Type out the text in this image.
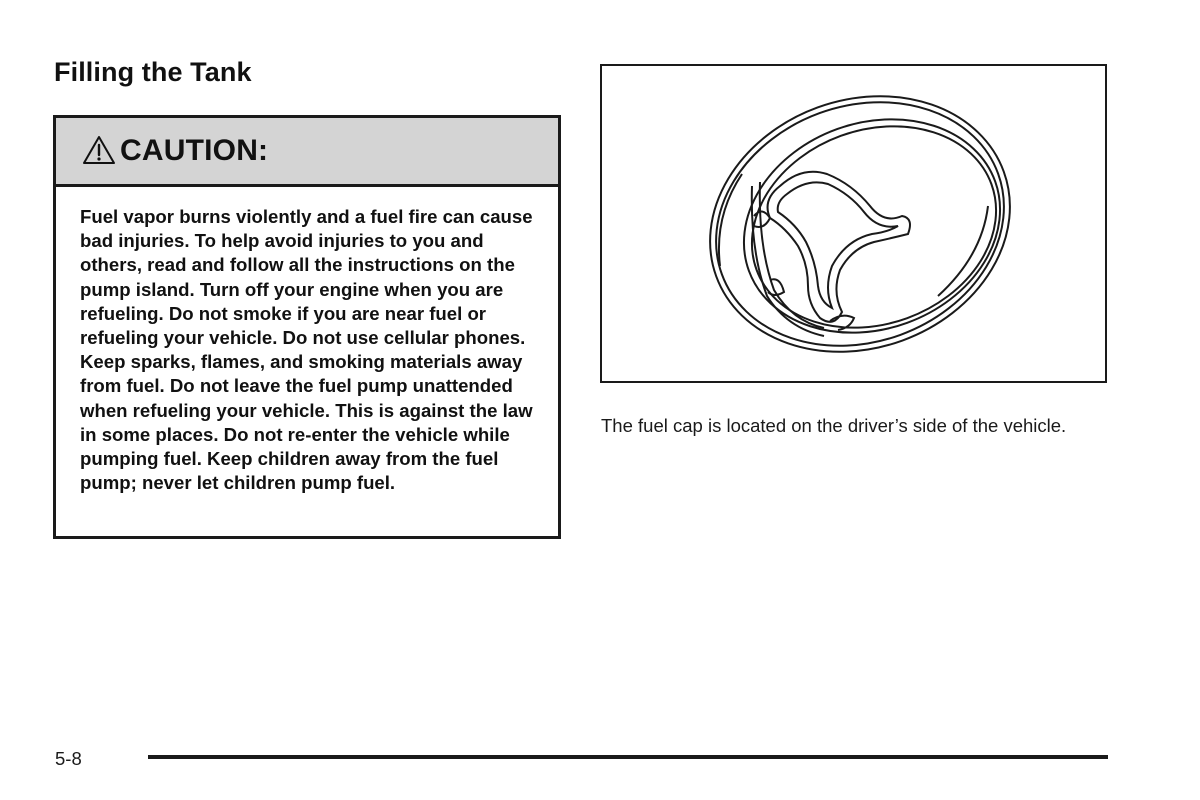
Filling the Tank
CAUTION:

Fuel vapor burns violently and a fuel fire can cause bad injuries. To help avoid injuries to you and others, read and follow all the instructions on the pump island. Turn off your engine when you are refueling. Do not smoke if you are near fuel or refueling your vehicle. Do not use cellular phones. Keep sparks, flames, and smoking materials away from fuel. Do not leave the fuel pump unattended when refueling your vehicle. This is against the law in some places. Do not re-enter the vehicle while pumping fuel. Keep children away from the fuel pump; never let children pump fuel.

The fuel cap is located on the driver’s side of the vehicle.

5-8
